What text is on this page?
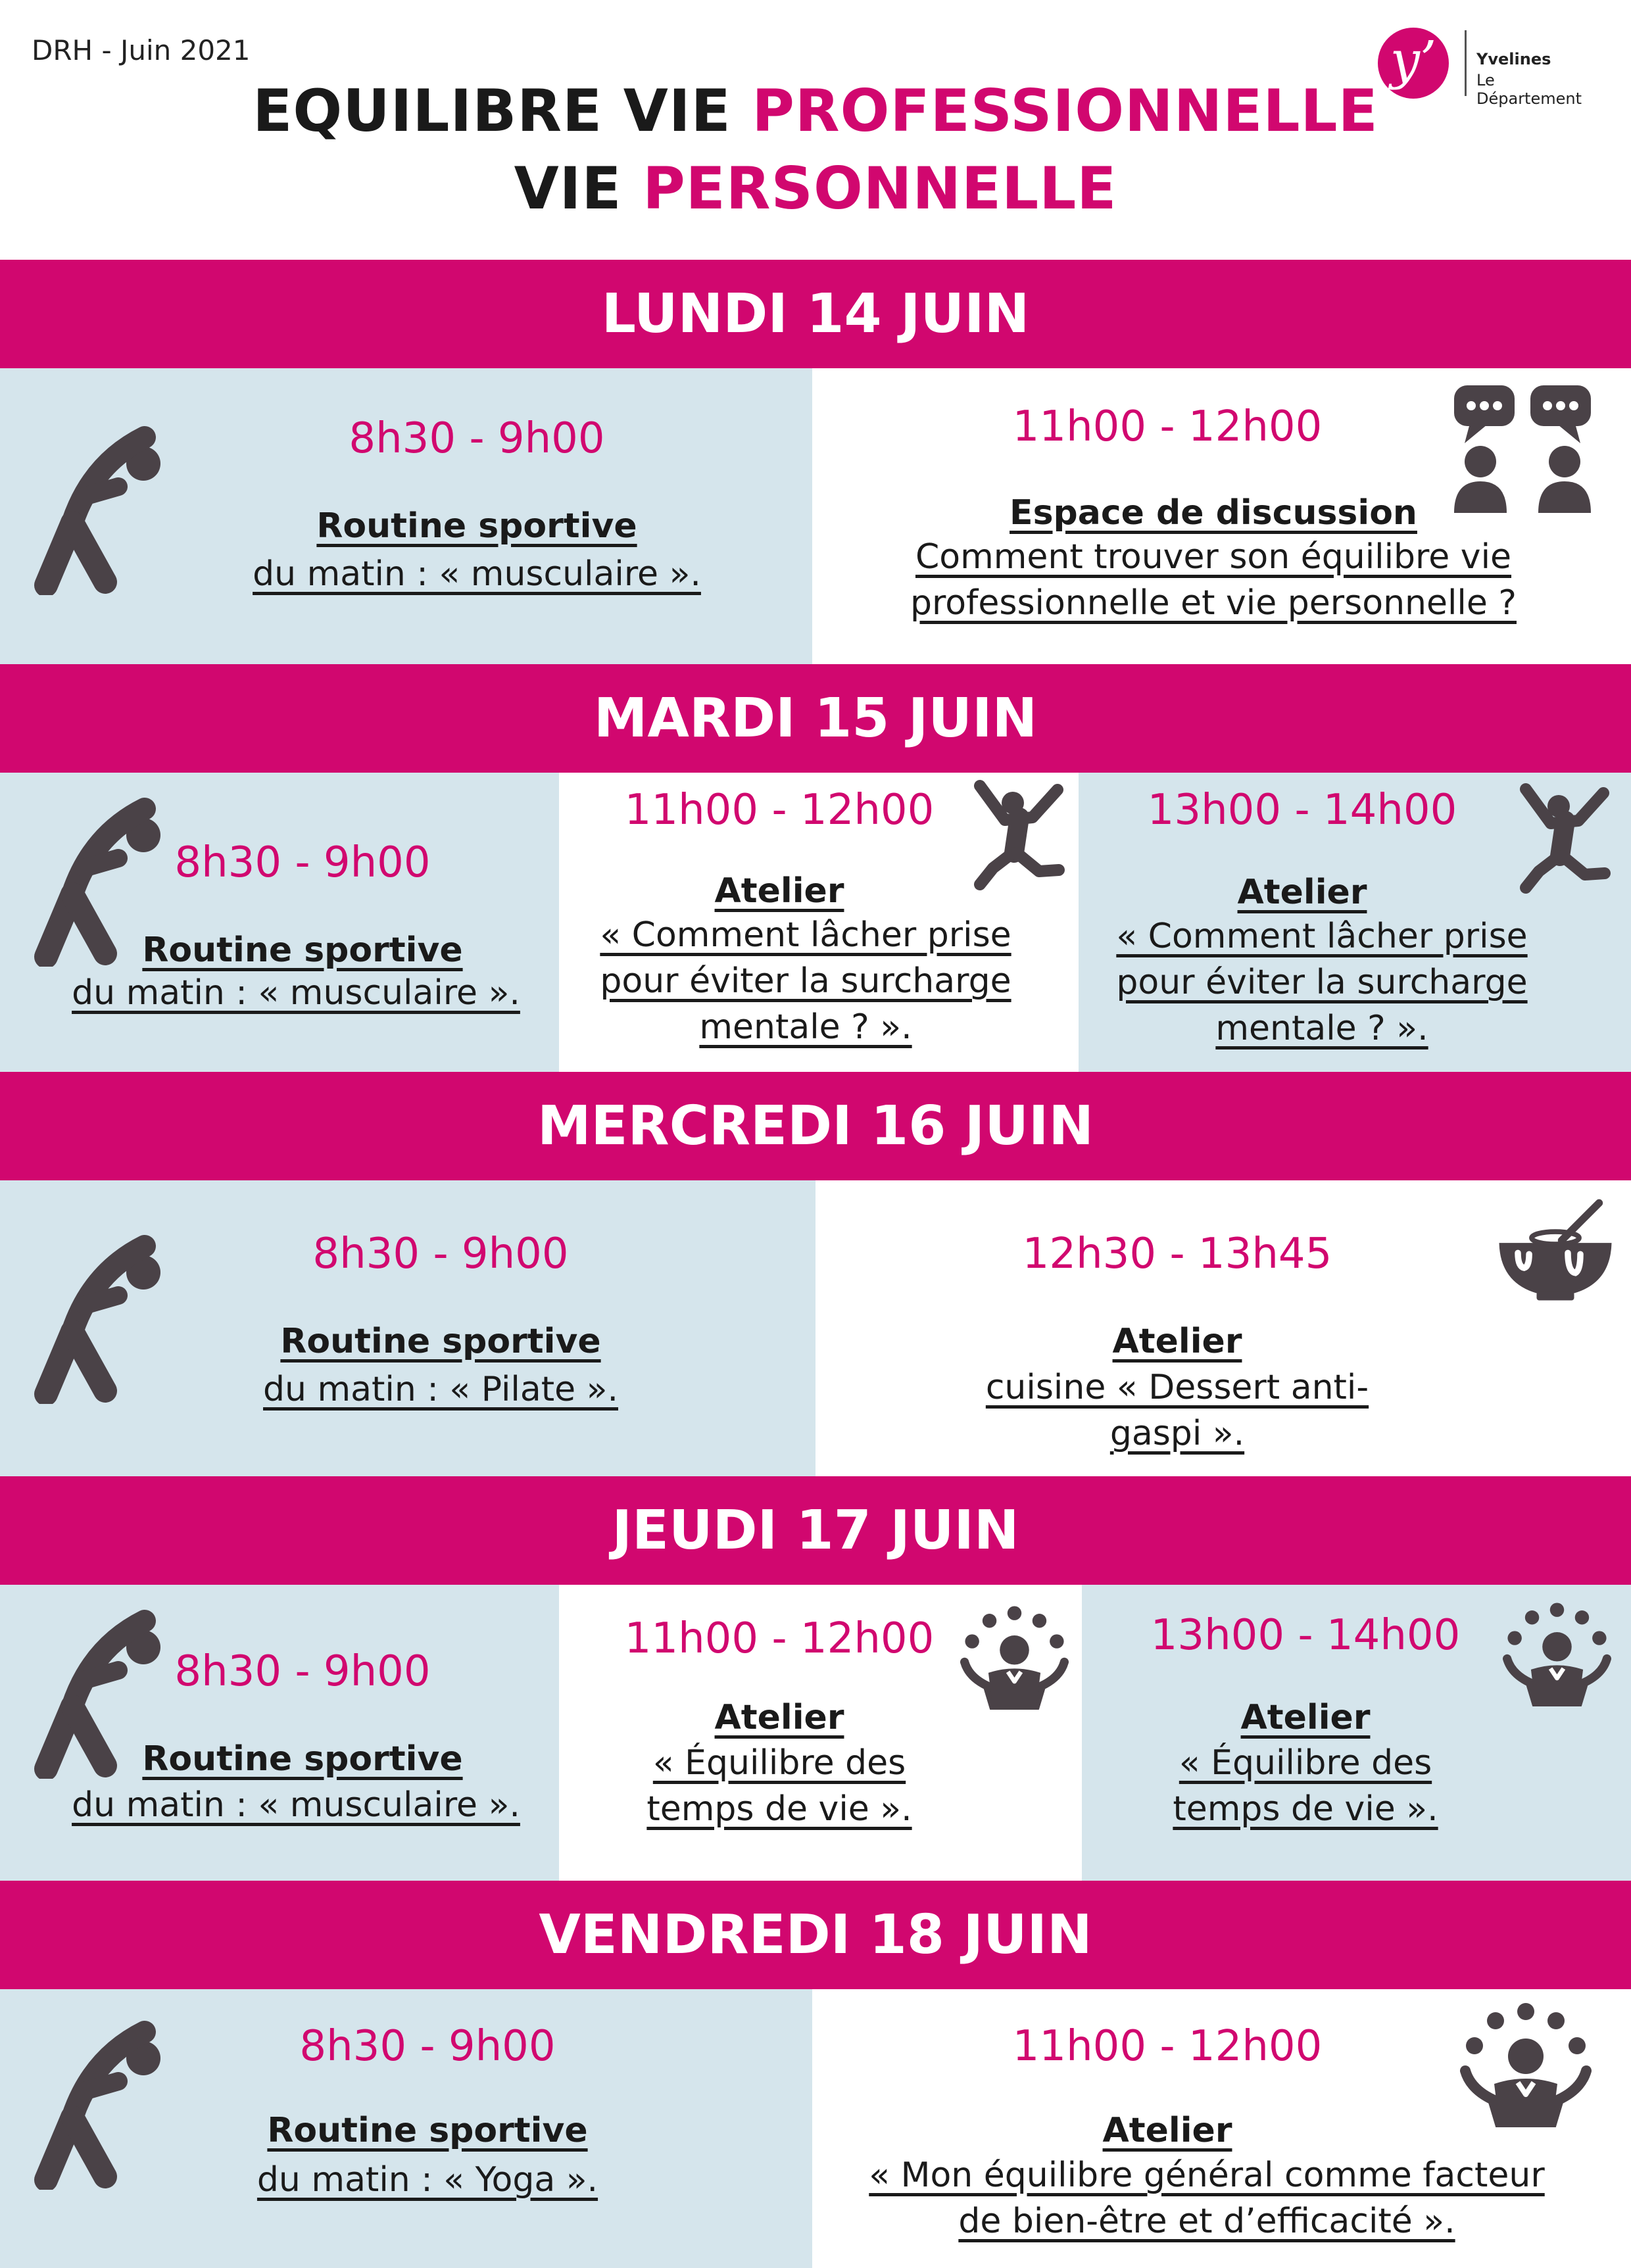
DRH - Juin 2021
EQUILIBRE VIE PROFESSIONNELLE
VIE PERSONNELLE
y’	Yvelines
Le Département
LUNDI 14 JUIN
8h30 - 9h00
Routine sportive
du matin : « musculaire ».
11h00 - 12h00
Espace de discussion
Comment trouver son équilibre vie professionnelle et vie personnelle ?
MARDI 15 JUIN
8h30 - 9h00
Routine sportive
du matin : « musculaire ».
11h00 - 12h00
Atelier
« Comment lâcher prise pour éviter la surcharge mentale ? ».
13h00 - 14h00
Atelier
« Comment lâcher prise pour éviter la surcharge mentale ? ».
MERCREDI 16 JUIN
8h30 - 9h00
Routine sportive
du matin : « Pilate ».
12h30 - 13h45
Atelier
cuisine « Dessert anti-gaspi ».
JEUDI 17 JUIN
8h30 - 9h00
Routine sportive
du matin : « musculaire ».
11h00 - 12h00
Atelier
« Équilibre des temps de vie ».
13h00 - 14h00
Atelier
« Équilibre des temps de vie ».
VENDREDI 18 JUIN
8h30 - 9h00
Routine sportive
du matin : « Yoga ».
11h00 - 12h00
Atelier
« Mon équilibre général comme facteur de bien-être et d’efficacité ».
